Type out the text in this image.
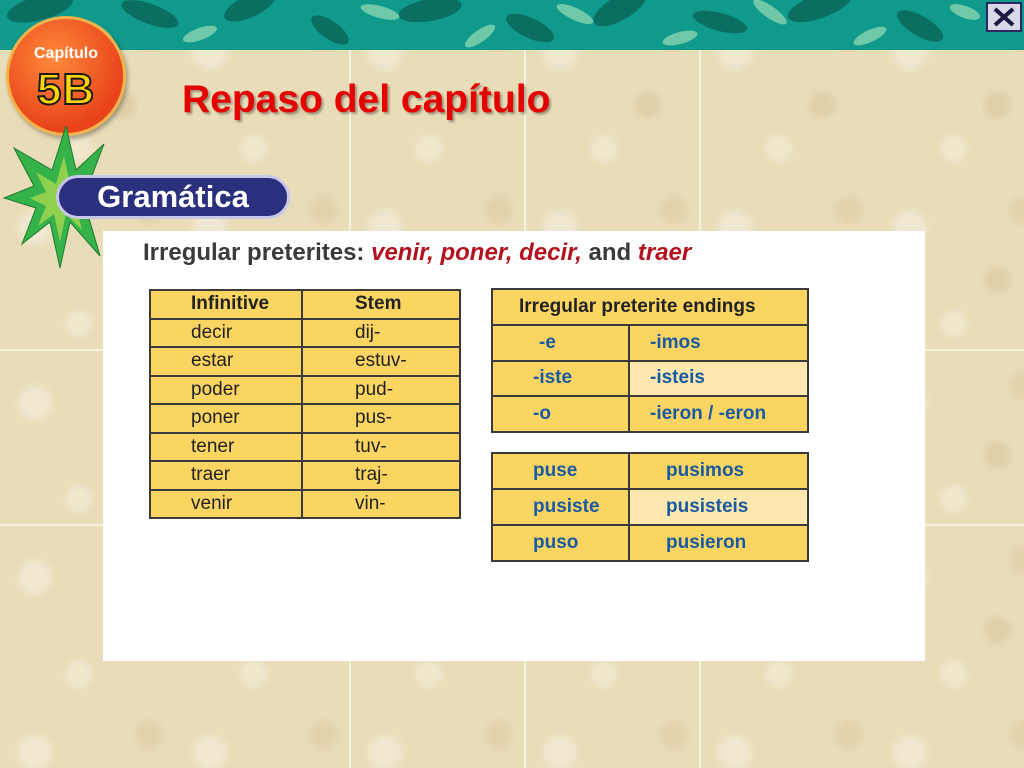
Capítulo
5B	Repaso del capítulo
Gramática
Irregular preterites: venir, poner, decir, and traer
Infinitive	Stem
decir	dij-
estar	estuv-
poder	pud-
poner	pus-
tener	tuv-
traer	traj-
venir	vin-
Irregular preterite endings	
-e	-imos
-iste	-isteis
-o	-ieron / -eron
puse	pusimos
pusiste	pusisteis
puso	pusieron
